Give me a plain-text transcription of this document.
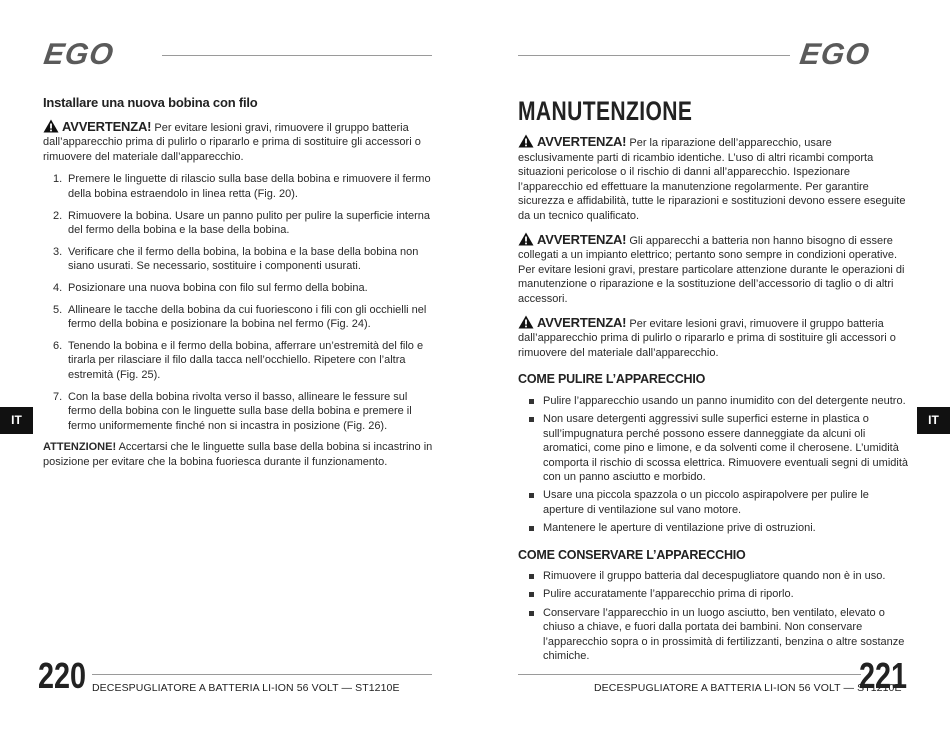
EGO
Installare una nuova bobina con filo
AVVERTENZA! Per evitare lesioni gravi, rimuovere il gruppo batteria dall’apparecchio prima di pulirlo o ripararlo e prima di sostituire gli accessori o rimuovere del materiale dall’apparecchio.
1. Premere le linguette di rilascio sulla base della bobina e rimuovere il fermo della bobina estraendolo in linea retta (Fig. 20).
2. Rimuovere la bobina. Usare un panno pulito per pulire la superficie interna del fermo della bobina e la base della bobina.
3. Verificare che il fermo della bobina, la bobina e la base della bobina non siano usurati. Se necessario, sostituire i componenti usurati.
4. Posizionare una nuova bobina con filo sul fermo della bobina.
5. Allineare le tacche della bobina da cui fuoriescono i fili con gli occhielli nel fermo della bobina e posizionare la bobina nel fermo (Fig. 24).
6. Tenendo la bobina e il fermo della bobina, afferrare un’estremità del filo e tirarla per rilasciare il filo dalla tacca nell’occhiello. Ripetere con l’altra estremità (Fig. 25).
7. Con la base della bobina rivolta verso il basso, allineare le fessure sul fermo della bobina con le linguette sulla base della bobina e premere il fermo uniformemente finché non si incastra in posizione (Fig. 26).
ATTENZIONE! Accertarsi che le linguette sulla base della bobina si incastrino in posizione per evitare che la bobina fuoriesca durante il funzionamento.
IT
220 DECESPUGLIATORE A BATTERIA LI-ION 56 VOLT — ST1210E
EGO
MANUTENZIONE
AVVERTENZA! Per la riparazione dell’apparecchio, usare esclusivamente parti di ricambio identiche. L’uso di altri ricambi comporta situazioni pericolose o il rischio di danni all’apparecchio. Ispezionare l’apparecchio ed effettuare la manutenzione regolarmente. Per garantire sicurezza e affidabilità, tutte le riparazioni e sostituzioni devono essere eseguite da un tecnico qualificato.
AVVERTENZA! Gli apparecchi a batteria non hanno bisogno di essere collegati a un impianto elettrico; pertanto sono sempre in condizioni operative. Per evitare lesioni gravi, prestare particolare attenzione durante le operazioni di manutenzione o riparazione e la sostituzione dell’accessorio di taglio o di altri accessori.
AVVERTENZA! Per evitare lesioni gravi, rimuovere il gruppo batteria dall’apparecchio prima di pulirlo o ripararlo e prima di sostituire gli accessori o rimuovere del materiale dall’apparecchio.
COME PULIRE L’APPARECCHIO
Pulire l’apparecchio usando un panno inumidito con del detergente neutro.
Non usare detergenti aggressivi sulle superfici esterne in plastica o sull’impugnatura perché possono essere danneggiate da alcuni oli aromatici, come pino e limone, e da solventi come il cherosene. L’umidità comporta il rischio di scossa elettrica. Rimuovere eventuali segni di umidità con un panno asciutto e morbido.
Usare una piccola spazzola o un piccolo aspirapolvere per pulire le aperture di ventilazione sul vano motore.
Mantenere le aperture di ventilazione prive di ostruzioni.
COME CONSERVARE L’APPARECCHIO
Rimuovere il gruppo batteria dal decespugliatore quando non è in uso.
Pulire accuratamente l’apparecchio prima di riporlo.
Conservare l’apparecchio in un luogo asciutto, ben ventilato, elevato o chiuso a chiave, e fuori dalla portata dei bambini. Non conservare l’apparecchio sopra o in prossimità di fertilizzanti, benzina o altre sostanze chimiche.
IT
DECESPUGLIATORE A BATTERIA LI-ION 56 VOLT — ST1210E
221
